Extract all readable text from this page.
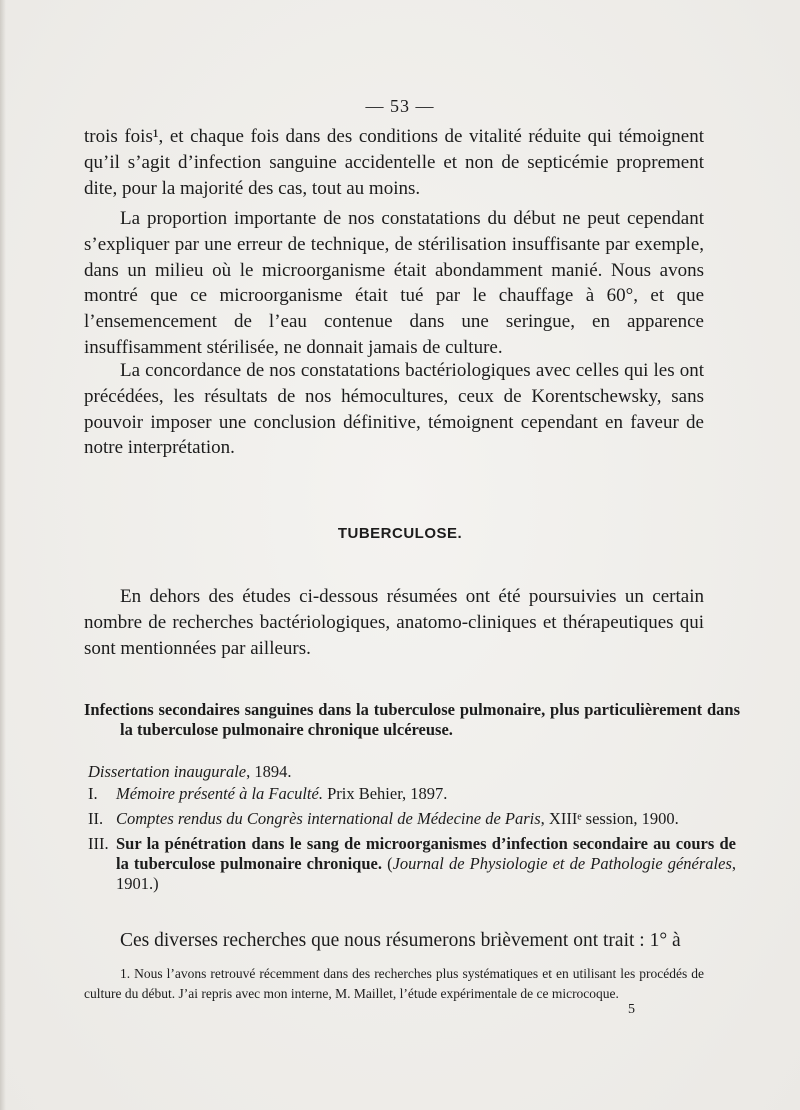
— 53 —

trois fois¹, et chaque fois dans des conditions de vitalité réduite qui témoignent qu’il s’agit d’infection sanguine accidentelle et non de septicémie proprement dite, pour la majorité des cas, tout au moins.

La proportion importante de nos constatations du début ne peut cependant s’expliquer par une erreur de technique, de stérilisation insuffisante par exemple, dans un milieu où le microorganisme était abondamment manié. Nous avons montré que ce microorganisme était tué par le chauffage à 60°, et que l’ensemencement de l’eau contenue dans une seringue, en apparence insuffisamment stérilisée, ne donnait jamais de culture.

La concordance de nos constatations bactériologiques avec celles qui les ont précédées, les résultats de nos hémocultures, ceux de Korentschewsky, sans pouvoir imposer une conclusion définitive, témoignent cependant en faveur de notre interprétation.

TUBERCULOSE.

En dehors des études ci-dessous résumées ont été poursuivies un certain nombre de recherches bactériologiques, anatomo-cliniques et thérapeutiques qui sont mentionnées par ailleurs.

Infections secondaires sanguines dans la tuberculose pulmonaire, plus particulièrement dans la tuberculose pulmonaire chronique ulcéreuse.

Dissertation inaugurale, 1894.
I. Mémoire présenté à la Faculté. Prix Behier, 1897.
II. Comptes rendus du Congrès international de Médecine de Paris, XIIIᵉ session, 1900.
III. Sur la pénétration dans le sang de microorganismes d’infection secondaire au cours de la tuberculose pulmonaire chronique. (Journal de Physiologie et de Pathologie générales, 1901.)

Ces diverses recherches que nous résumerons brièvement ont trait : 1° à

1. Nous l’avons retrouvé récemment dans des recherches plus systématiques et en utilisant les procédés de culture du début. J’ai repris avec mon interne, M. Maillet, l’étude expérimentale de ce microcoque.

5
